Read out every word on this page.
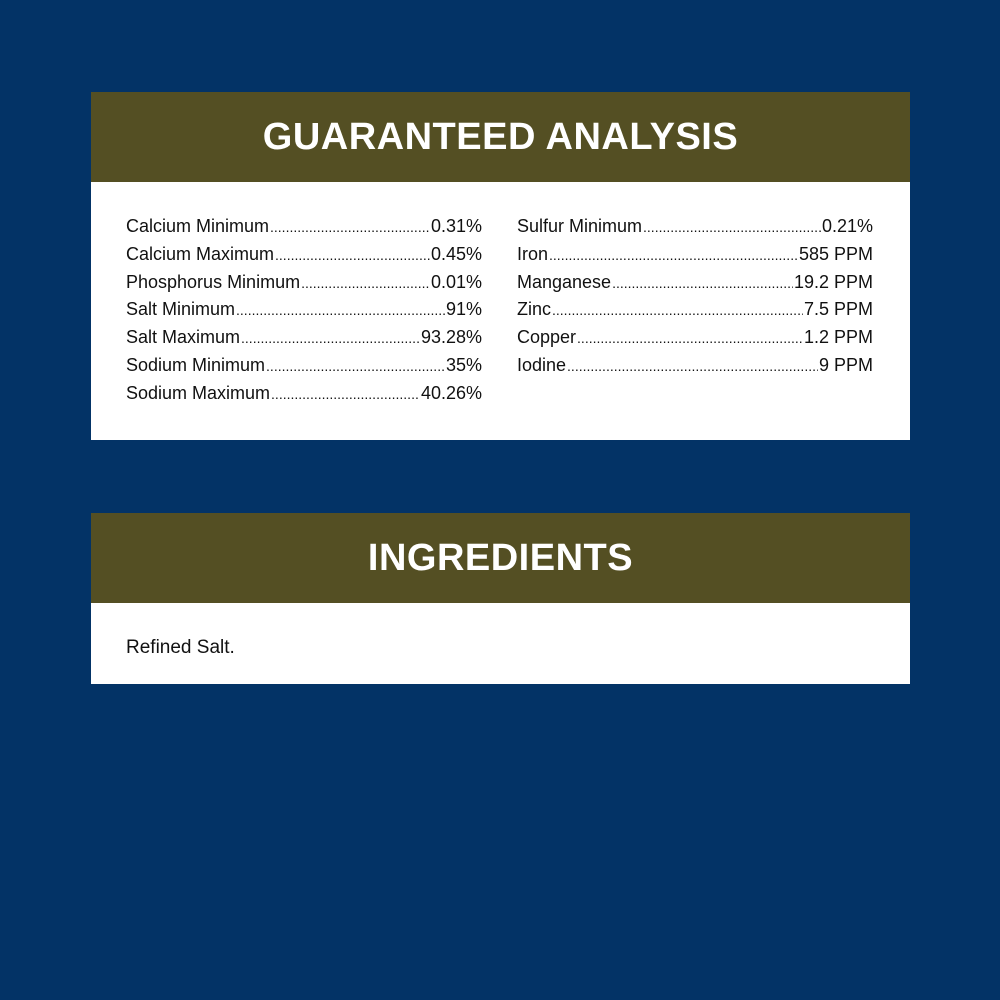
GUARANTEED ANALYSIS
Calcium Minimum .....	0.31%
Calcium Maximum .....	0.45%
Phosphorus Minimum .....	0.01%
Salt Minimum .....	91%
Salt Maximum .....	93.28%
Sodium Minimum .....	35%
Sodium Maximum .....	40.26%
Sulfur Minimum .....	0.21%
Iron .....	585 PPM
Manganese .....	19.2 PPM
Zinc .....	7.5 PPM
Copper .....	1.2 PPM
Iodine .....	9 PPM
INGREDIENTS
Refined Salt.
